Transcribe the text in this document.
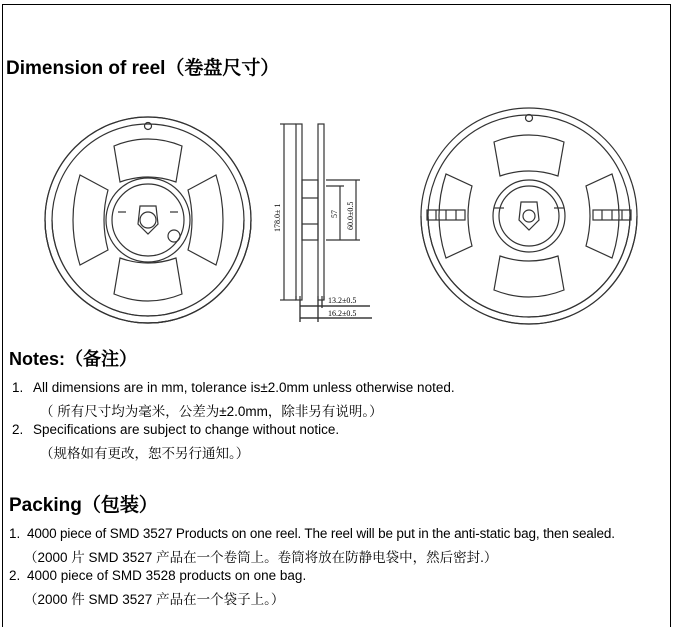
Dimension of reel（卷盘尺寸）
178.0± 1	57 60.0±0.5
13.2±0.5
16.2±0.5
Notes:（备注）
1. All dimensions are in mm, tolerance is±2.0mm unless otherwise noted.
（ 所有尺寸均为毫米，公差为±2.0mm，除非另有说明。）
2. Specifications are subject to change without notice.
（规格如有更改，恕不另行通知。）
Packing（包装）
1. 4000 piece of SMD 3527 Products on one reel. The reel will be put in the anti-static bag, then sealed.
（2000 片 SMD 3527 产品在一个卷筒上。卷筒将放在防静电袋中，然后密封.）
2. 4000 piece of SMD 3528 products on one bag.
（2000 件 SMD 3527 产品在一个袋子上。）
